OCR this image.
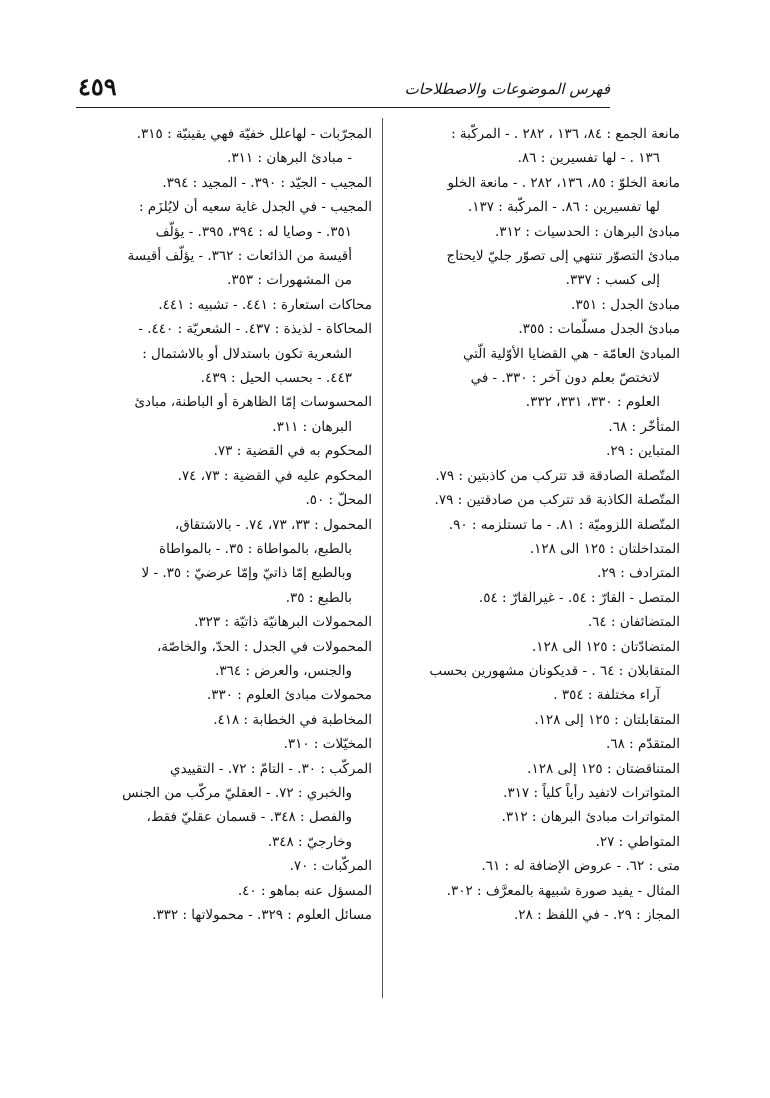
٤٥٩	فهرس الموضوعات والاصطلاحات
مانعة الجمع : ٨٤، ١٣٦ ، ٢٨٢ . - المركّبة :
١٣٦ . - لها تفسيرين : ٨٦.
مانعة الخلوّ : ٨٥، ١٣٦، ٢٨٢ . - مانعة الخلو
لها تفسيرين : ٨٦. - المركّبة : ١٣٧.
مبادئ البرهان : الحدسيات : ٣١٢.
مبادئ التصوّر تنتهي إلى تصوّر جليّ لايحتاج
إلى كسب : ٣٣٧.
مبادئ الجدل : ٣٥١.
مبادئ الجدل مسلّمات : ٣٥٥.
المبادئ العامّة - هي القضايا الأوّلية الّتي
لاتختصّ بعلم دون آخر : ٣٣٠. - في
العلوم : ٣٣٠، ٣٣١، ٣٣٢.
المتأخّر : ٦٨.
المتباين : ٢٩.
المتّصلة الصادقة قد تتركب من كاذبتين : ٧٩.
المتّصلة الكاذبة قد تتركب من صادقتين : ٧٩.
المتّصلة اللزوميّة : ٨١. - ما تستلزمه : ٩٠.
المتداخلتان : ١٢٥ الى ١٢٨.
المترادف : ٢٩.
المتصل - القارّ : ٥٤. - غيرالقارّ : ٥٤.
المتضائفان : ٦٤.
المتضادّتان : ١٢٥ الى ١٢٨.
المتقابلان : ٦٤ . - قديكونان مشهورين بحسب
آراء مختلفة : ٣٥٤ .
المتقابلتان : ١٢٥ إلى ١٢٨.
المتقدّم : ٦٨.
المتناقضتان : ١٢٥ إلى ١٢٨.
المتواترات لاتفيد رأياً كلياً : ٣١٧.
المتواترات مبادئ البرهان : ٣١٢.
المتواطي : ٢٧.
متى : ٦٢. - عروض الإضافة له : ٦١.
المثال - يفيد صورة شبيهة بالمعرَّف : ٣٠٢.
المجاز : ٢٩. - في اللفظ : ٢٨.
المجرّبات - لهاعلل خفيّة فهي يقينيّة : ٣١٥.
- مبادئ البرهان : ٣١١.
المجيب - الجيّد : ٣٩٠. - المجيد : ٣٩٤.
المجيب - في الجدل غاية سعيه أن لايُلزَم :
٣٥١. - وصايا له : ٣٩٤، ٣٩٥. - يؤلّف
أقيسة من الذائعات : ٣٦٢. - يؤلّف أقيسة
من المشهورات : ٣٥٣.
محاكات استعارة : ٤٤١. - تشبيه : ٤٤١.
المحاكاة - لذيذة : ٤٣٧. - الشعريّة : ٤٤٠. -
الشعرية تكون باستدلال أو بالاشتمال :
٤٤٣. - بحسب الحيل : ٤٣٩.
المحسوسات إمّا الظاهرة أو الباطنة، مبادئ
البرهان : ٣١١.
المحكوم به في القضية : ٧٣.
المحكوم عليه في القضية : ٧٣، ٧٤.
المحلّ : ٥٠.
المحمول : ٣٣، ٧٣، ٧٤. - بالاشتقاق،
بالطبع، بالمواطاة : ٣٥. - بالمواطاة
وبالطبع إمّا ذاتيّ وإمّا عرضيّ : ٣٥. - لا
بالطبع : ٣٥.
المحمولات البرهانيّة ذاتيّة : ٣٢٣.
المحمولات في الجدل : الحدّ، والخاصّة،
والجنس، والعرض : ٣٦٤.
محمولات مبادئ العلوم : ٣٣٠.
المخاطبة في الخطابة : ٤١٨.
المخيّلات : ٣١٠.
المركّب : ٣٠. - التامّ : ٧٢. - التقييدي
والخبري : ٧٢. - العقليّ مركّب من الجنس
والفصل : ٣٤٨. - قسمان عقليّ فقط،
وخارجيّ : ٣٤٨.
المركّبات : ٧٠.
المسؤل عنه بماهو : ٤٠.
مسائل العلوم : ٣٢٩. - محمولاتها : ٣٣٢.
